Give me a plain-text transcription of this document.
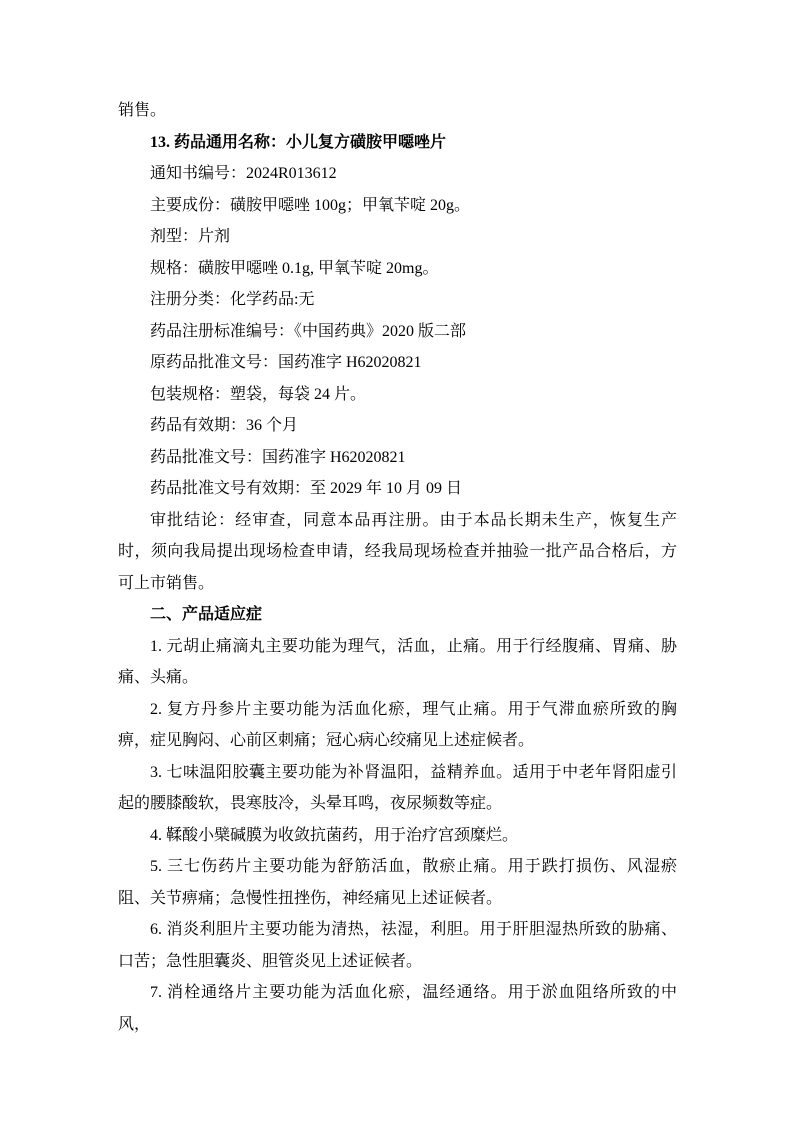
销售。

13. 药品通用名称：小儿复方磺胺甲噁唑片

通知书编号：2024R013612

主要成份：磺胺甲噁唑 100g；甲氧苄啶 20g。

剂型：片剂

规格：磺胺甲噁唑 0.1g, 甲氧苄啶 20mg。

注册分类：化学药品:无

药品注册标准编号：《中国药典》2020 版二部

原药品批准文号：国药准字 H62020821

包装规格：塑袋，每袋 24 片。

药品有效期：36 个月

药品批准文号：国药准字 H62020821

药品批准文号有效期：至 2029 年 10 月 09 日

审批结论：经审查，同意本品再注册。由于本品长期未生产，恢复生产时，须向我局提出现场检查申请，经我局现场检查并抽验一批产品合格后，方可上市销售。

二、产品适应症

1. 元胡止痛滴丸主要功能为理气，活血，止痛。用于行经腹痛、胃痛、胁痛、头痛。

2. 复方丹参片主要功能为活血化瘀，理气止痛。用于气滞血瘀所致的胸痹，症见胸闷、心前区刺痛；冠心病心绞痛见上述症候者。

3. 七味温阳胶囊主要功能为补肾温阳，益精养血。适用于中老年肾阳虚引起的腰膝酸软，畏寒肢冷，头晕耳鸣，夜尿频数等症。

4. 鞣酸小檗碱膜为收敛抗菌药，用于治疗宫颈糜烂。

5. 三七伤药片主要功能为舒筋活血，散瘀止痛。用于跌打损伤、风湿瘀阻、关节痹痛；急慢性扭挫伤，神经痛见上述证候者。

6. 消炎利胆片主要功能为清热，祛湿，利胆。用于肝胆湿热所致的胁痛、口苦；急性胆囊炎、胆管炎见上述证候者。

7. 消栓通络片主要功能为活血化瘀，温经通络。用于淤血阻络所致的中风，
